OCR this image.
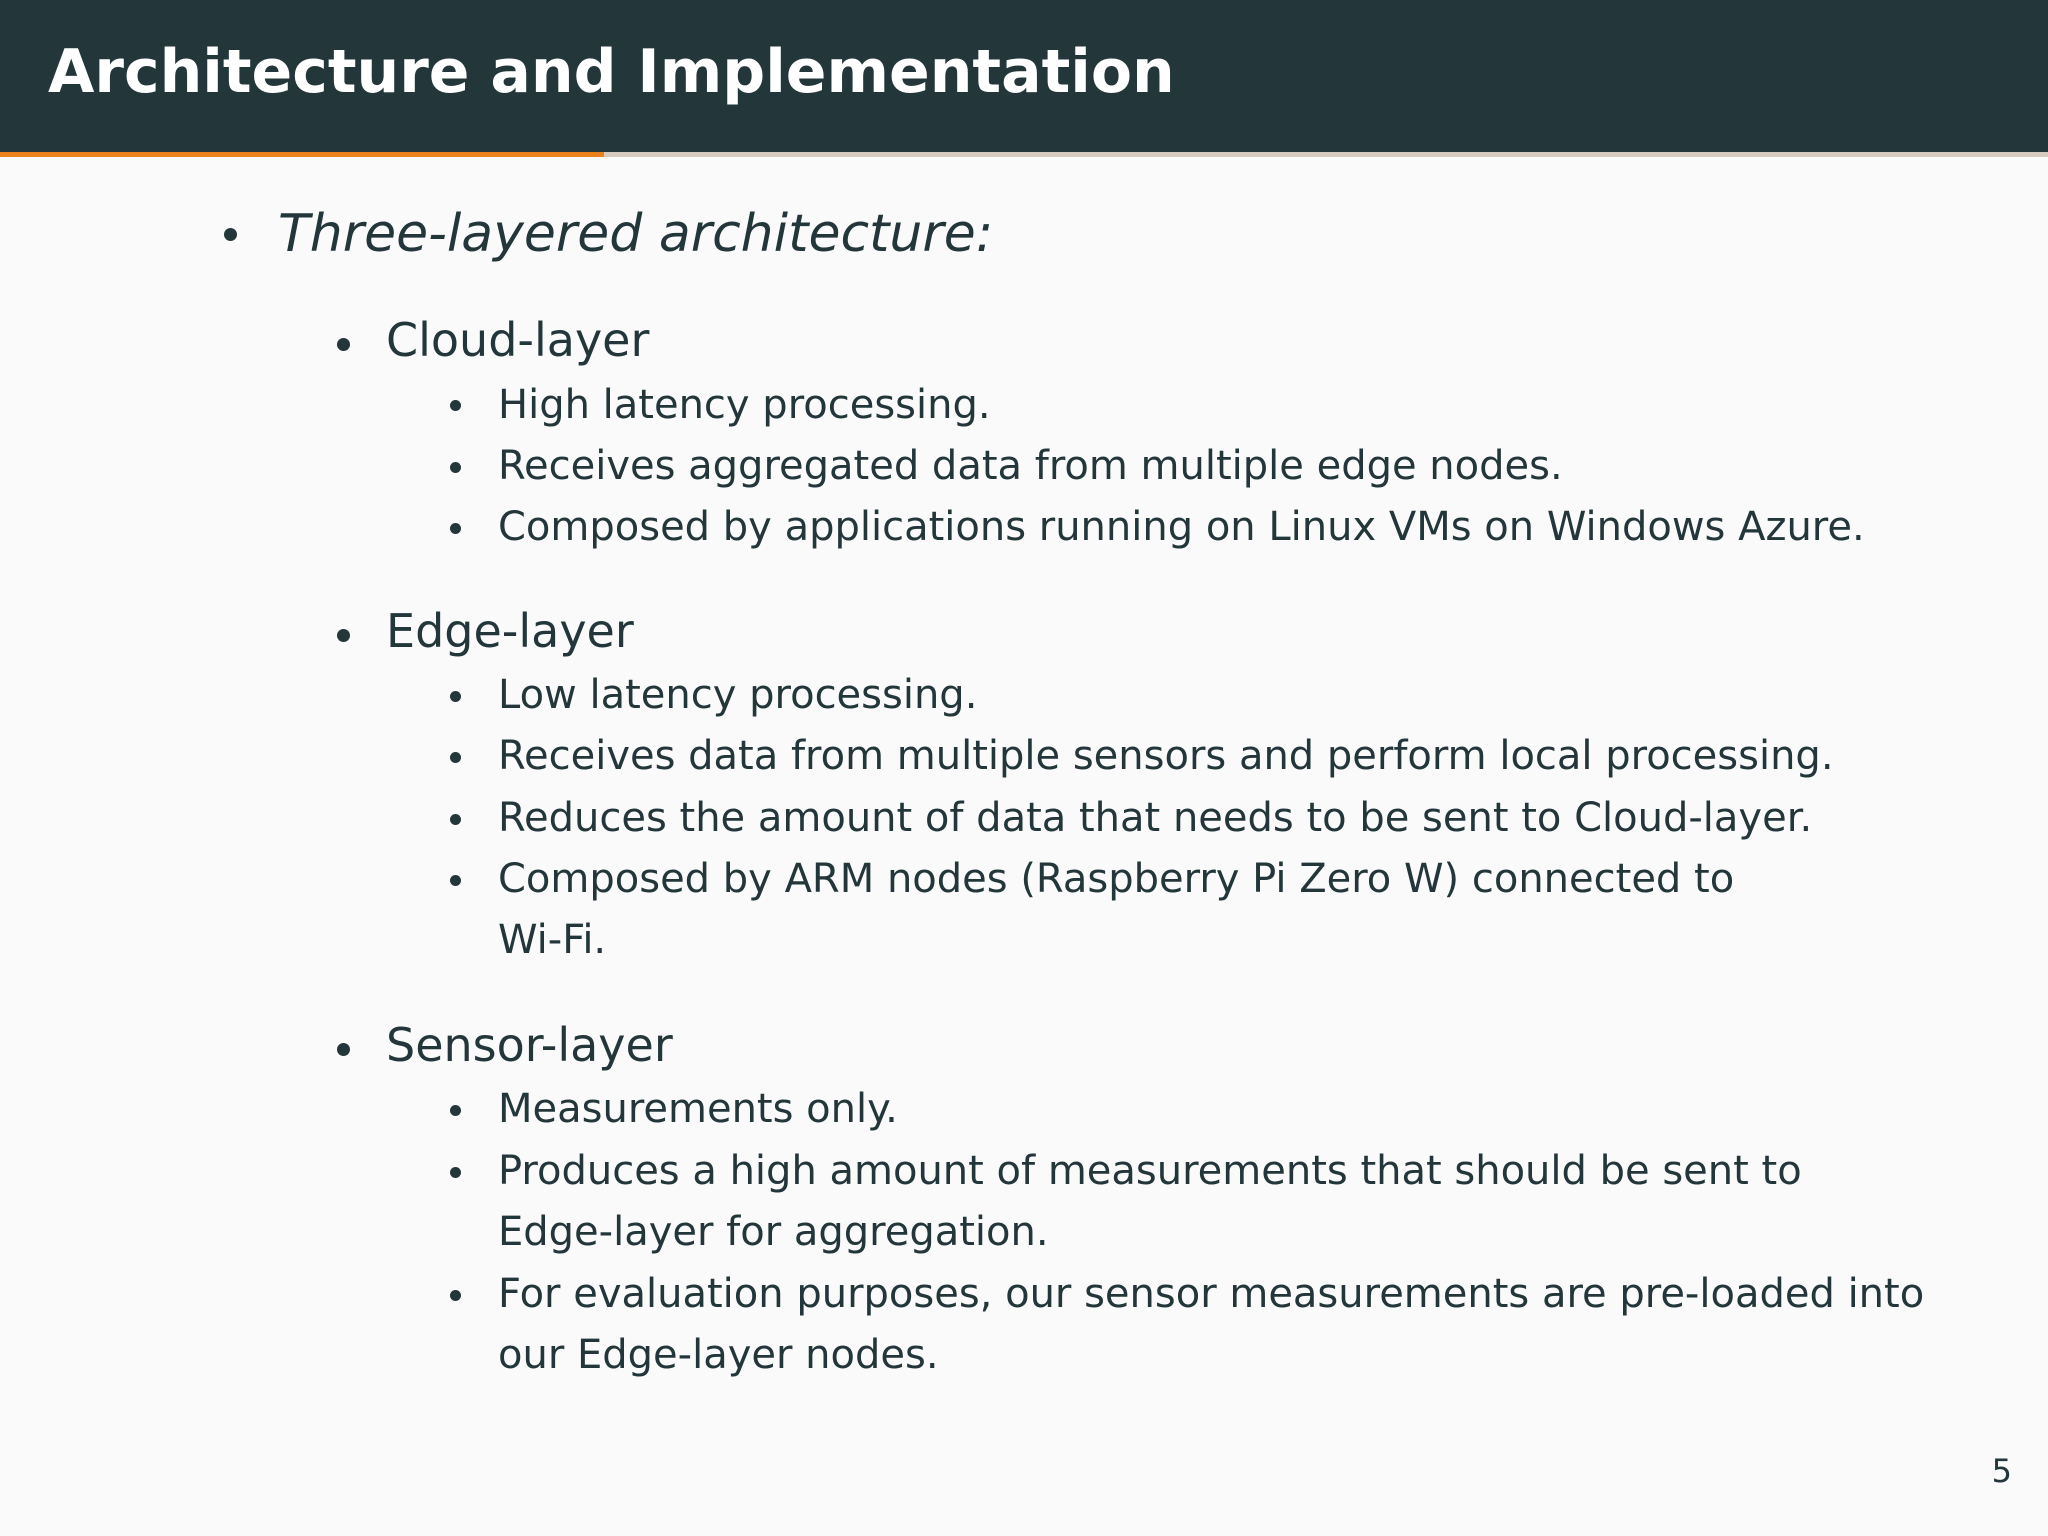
Architecture and Implementation
Three-layered architecture:
Cloud-layer
High latency processing.
Receives aggregated data from multiple edge nodes.
Composed by applications running on Linux VMs on Windows Azure.
Edge-layer
Low latency processing.
Receives data from multiple sensors and perform local processing.
Reduces the amount of data that needs to be sent to Cloud-layer.
Composed by ARM nodes (Raspberry Pi Zero W) connected to
Wi-Fi.
Sensor-layer
Measurements only.
Produces a high amount of measurements that should be sent to
Edge-layer for aggregation.
For evaluation purposes, our sensor measurements are pre-loaded into
our Edge-layer nodes.
5
